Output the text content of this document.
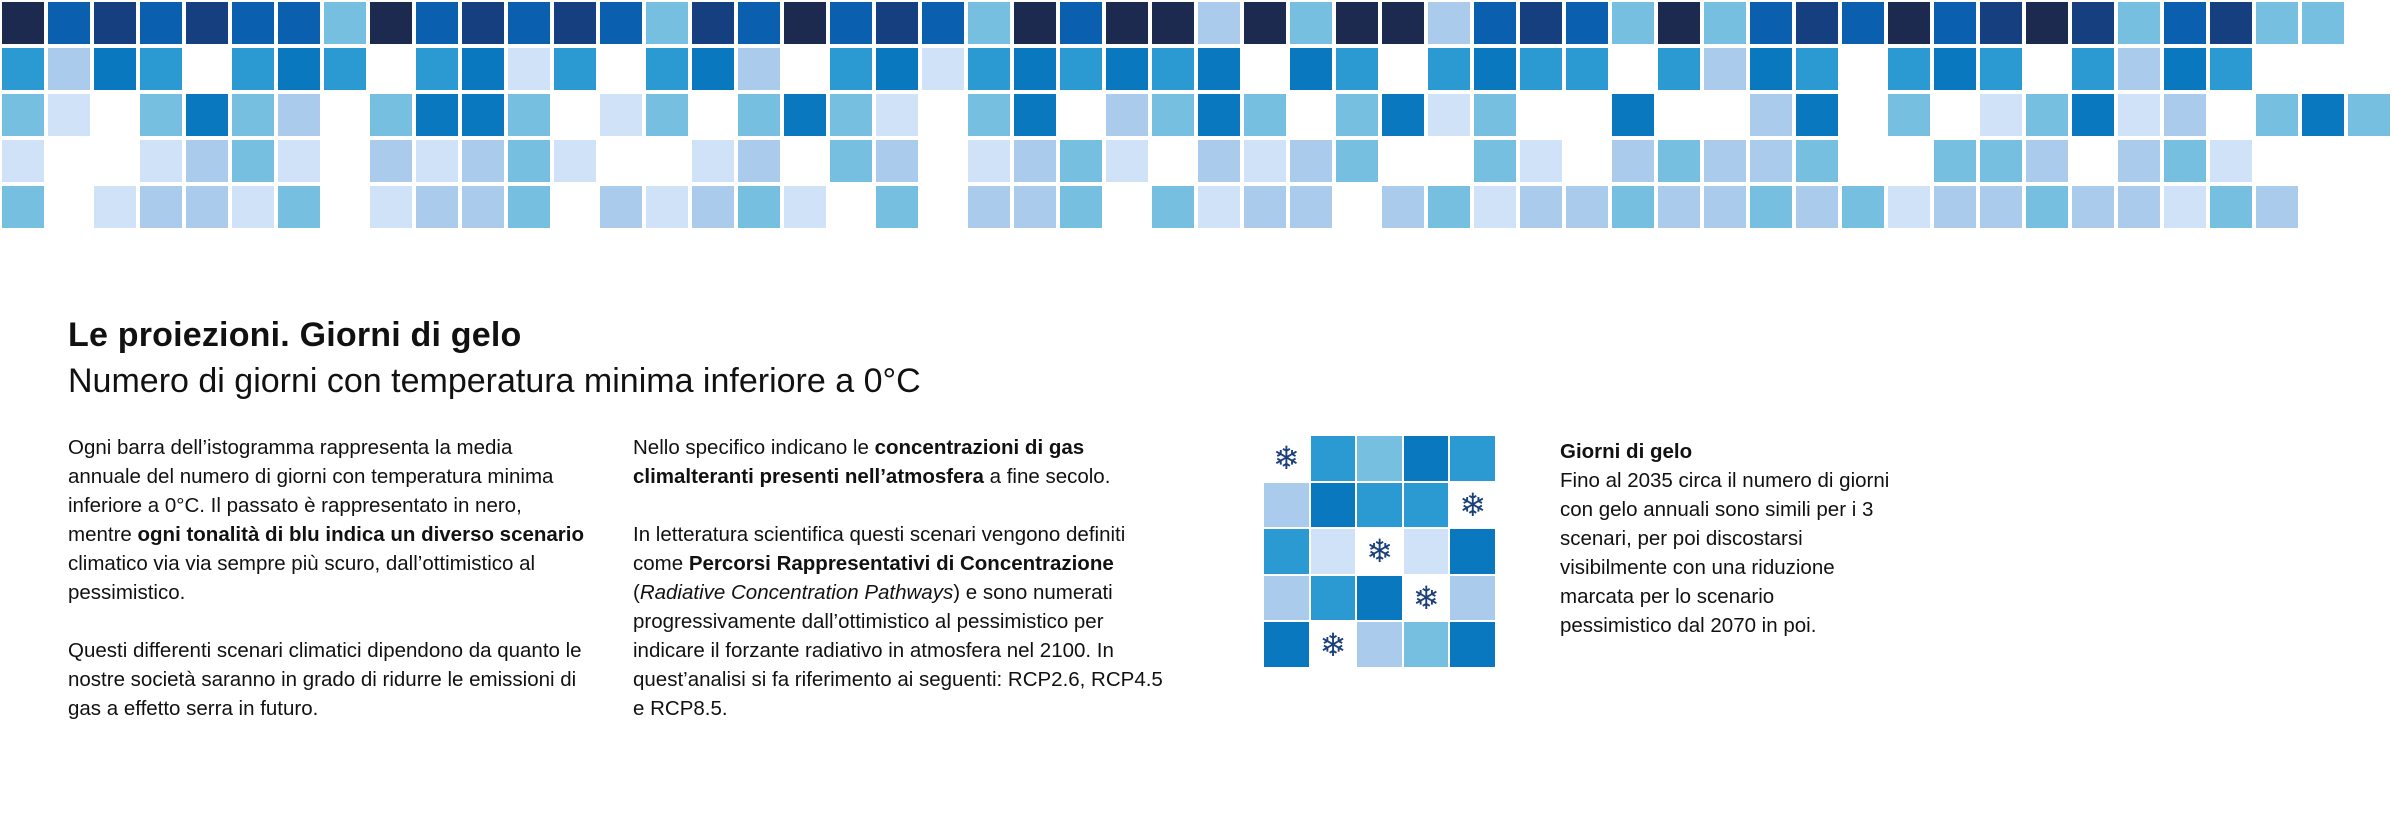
Le proiezioni. Giorni di gelo
Numero di giorni con temperatura minima inferiore a 0°C

Ogni barra dell’istogramma rappresenta la media annuale del numero di giorni con temperatura minima inferiore a 0°C. Il passato è rappresentato in nero, mentre ogni tonalità di blu indica un diverso scenario climatico via via sempre più scuro, dall’ottimistico al pessimistico.

Questi differenti scenari climatici dipendono da quanto le nostre società saranno in grado di ridurre le emissioni di gas a effetto serra in futuro.

Nello specifico indicano le concentrazioni di gas climalteranti presenti nell’atmosfera a fine secolo.

In letteratura scientifica questi scenari vengono definiti come Percorsi Rappresentativi di Concentrazione (Radiative Concentration Pathways) e sono numerati progressivamente dall’ottimistico al pessimistico per indicare il forzante radiativo in atmosfera nel 2100. In quest’analisi si fa riferimento ai seguenti: RCP2.6, RCP4.5 e RCP8.5.

❄
❄
❄
❄
❄
Giorni di gelo
Fino al 2035 circa il numero di giorni con gelo annuali sono simili per i 3 scenari, per poi discostarsi visibilmente con una riduzione marcata per lo scenario pessimistico dal 2070 in poi.
